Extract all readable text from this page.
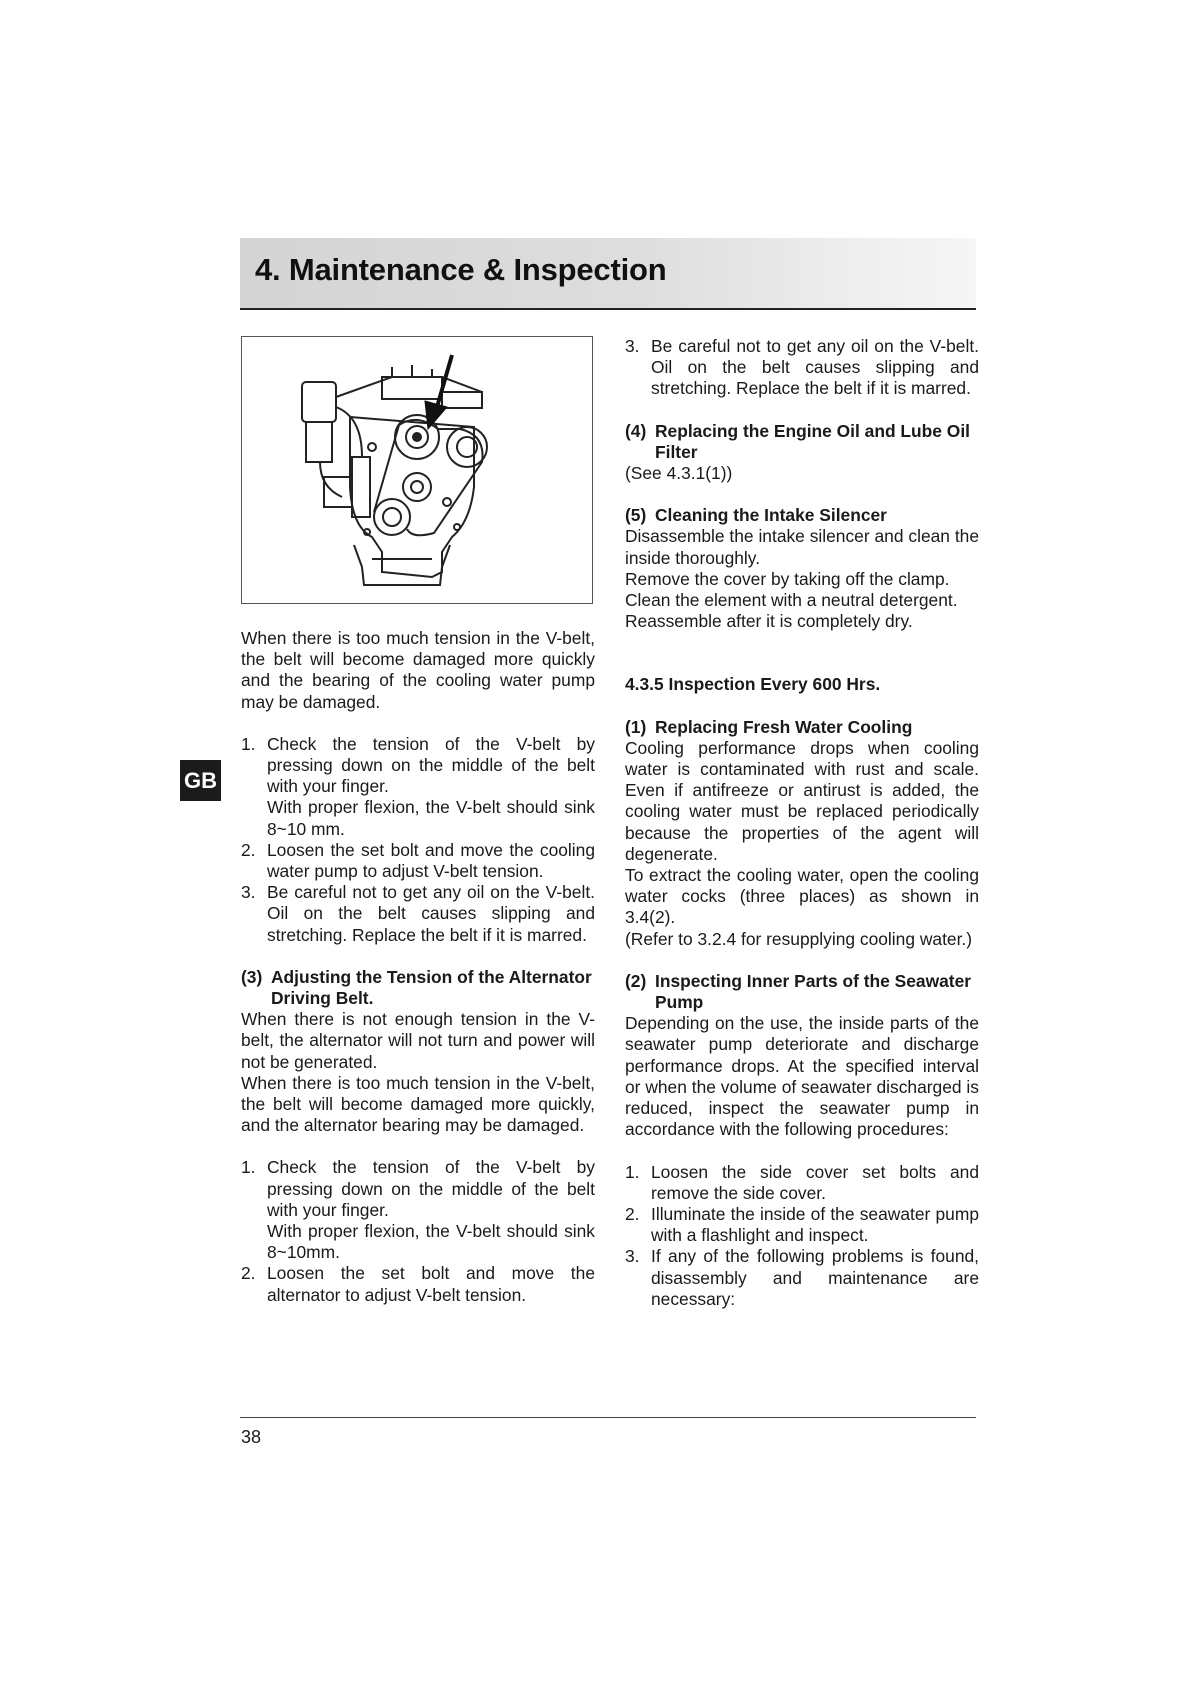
4. Maintenance & Inspection
GB

When there is too much tension in the V-belt, the belt will become damaged more quickly and the bearing of the cooling water pump may be damaged.

1. Check the tension of the V-belt by pressing down on the middle of the belt with your finger.
With proper flexion, the V-belt should sink 8~10 mm.
2. Loosen the set bolt and move the cooling water pump to adjust V-belt tension.
3. Be careful not to get any oil on the V-belt. Oil on the belt causes slipping and stretching. Replace the belt if it is marred.
(3) Adjusting the Tension of the Alternator Driving Belt.

When there is not enough tension in the V-belt, the alternator will not turn and power will not be generated.

When there is too much tension in the V-belt, the belt will become damaged more quickly, and the alternator bearing may be damaged.

1. Check the tension of the V-belt by pressing down on the middle of the belt with your finger.
With proper flexion, the V-belt should sink 8~10mm.
2. Loosen the set bolt and move the alternator to adjust V-belt tension.
3. Be careful not to get any oil on the V-belt. Oil on the belt causes slipping and stretching. Replace the belt if it is marred.
(4) Replacing the Engine Oil and Lube Oil Filter

(See 4.3.1(1))

(5) Cleaning the Intake Silencer

Disassemble the intake silencer and clean the inside thoroughly.

Remove the cover by taking off the clamp.

Clean the element with a neutral detergent.

Reassemble after it is completely dry.

4.3.5 Inspection Every 600 Hrs.
(1) Replacing Fresh Water Cooling

Cooling performance drops when cooling water is contaminated with rust and scale. Even if antifreeze or antirust is added, the cooling water must be replaced periodically because the properties of the agent will degenerate.

To extract the cooling water, open the cooling water cocks (three places) as shown in 3.4(2).

(Refer to 3.2.4 for resupplying cooling water.)

(2) Inspecting Inner Parts of the Seawater Pump

Depending on the use, the inside parts of the seawater pump deteriorate and discharge performance drops. At the specified interval or when the volume of seawater discharged is reduced, inspect the seawater pump in accordance with the following procedures:

1. Loosen the side cover set bolts and remove the side cover.
2. Illuminate the inside of the seawater pump with a flashlight and inspect.
3. If any of the following problems is found, disassembly and maintenance are necessary:
38
